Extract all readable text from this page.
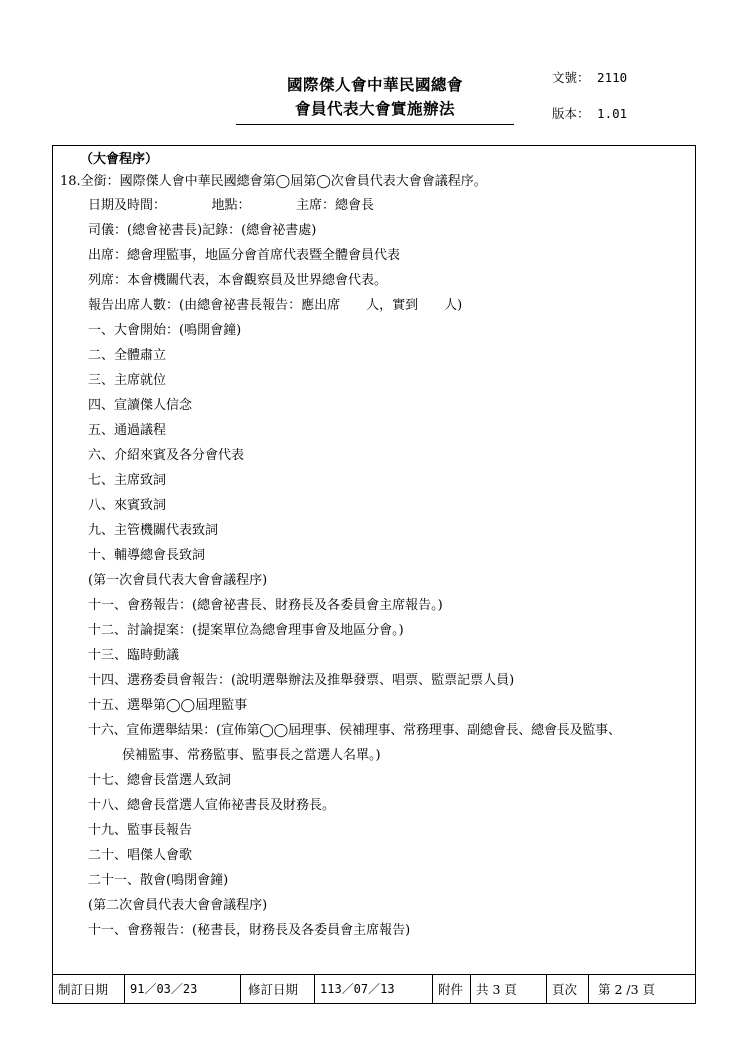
國際傑人會中華民國總會
會員代表大會實施辦法
文號： 2110
版本： 1.01
（大會程序）
18.全銜：國際傑人會中華民國總會第◯屆第◯次會員代表大會會議程序。
日期及時間：　　　　地點：　　　　主席：總會長
司儀：(總會祕書長)記錄：(總會祕書處)
出席：總會理監事，地區分會首席代表暨全體會員代表
列席：本會機關代表，本會觀察員及世界總會代表。
報告出席人數：(由總會祕書長報告：應出席　　人，實到　　人)
一、大會開始：(鳴開會鐘)
二、全體肅立
三、主席就位
四、宣讀傑人信念
五、通過議程
六、介紹來賓及各分會代表
七、主席致詞
八、來賓致詞
九、主管機關代表致詞
十、輔導總會長致詞
(第一次會員代表大會會議程序)
十一、會務報告：(總會祕書長、財務長及各委員會主席報告。)
十二、討論提案：(提案單位為總會理事會及地區分會。)
十三、臨時動議
十四、選務委員會報告：(說明選舉辦法及推舉發票、唱票、監票記票人員)
十五、選舉第◯◯屆理監事
十六、宣佈選舉結果：(宣佈第◯◯屆理事、侯補理事、常務理事、副總會長、總會長及監事、
侯補監事、常務監事、監事長之當選人名單。)
十七、總會長當選人致詞
十八、總會長當選人宣佈祕書長及財務長。
十九、監事長報告
二十、唱傑人會歌
二十一、散會(鳴閉會鐘)
(第二次會員代表大會會議程序)
十一、會務報告：(秘書長，財務長及各委員會主席報告)
制訂日期 91／03／23	修訂日期 113／07／13	附件 共 3 頁	頁次 第 2 /3 頁
